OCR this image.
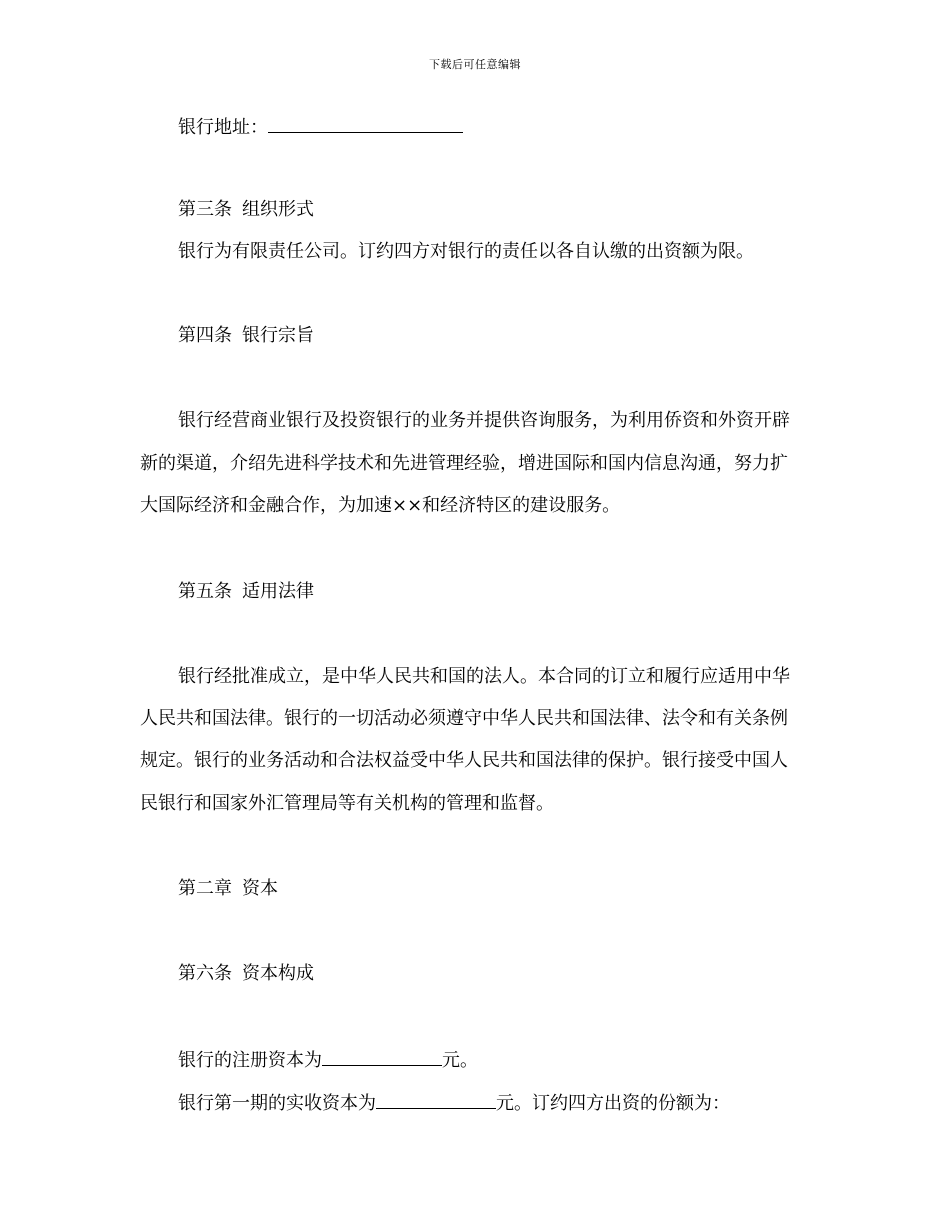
下载后可任意编辑
银行地址：
第三条 组织形式
银行为有限责任公司。订约四方对银行的责任以各自认缴的出资额为限。
第四条 银行宗旨
银行经营商业银行及投资银行的业务并提供咨询服务，为利用侨资和外资开辟
新的渠道，介绍先进科学技术和先进管理经验，增进国际和国内信息沟通，努力扩
大国际经济和金融合作，为加速××和经济特区的建设服务。
第五条 适用法律
银行经批准成立，是中华人民共和国的法人。本合同的订立和履行应适用中华
人民共和国法律。银行的一切活动必须遵守中华人民共和国法律、法令和有关条例
规定。银行的业务活动和合法权益受中华人民共和国法律的保护。银行接受中国人
民银行和国家外汇管理局等有关机构的管理和监督。
第二章 资本
第六条 资本构成
银行的注册资本为	元。
银行第一期的实收资本为	元。订约四方出资的份额为：
